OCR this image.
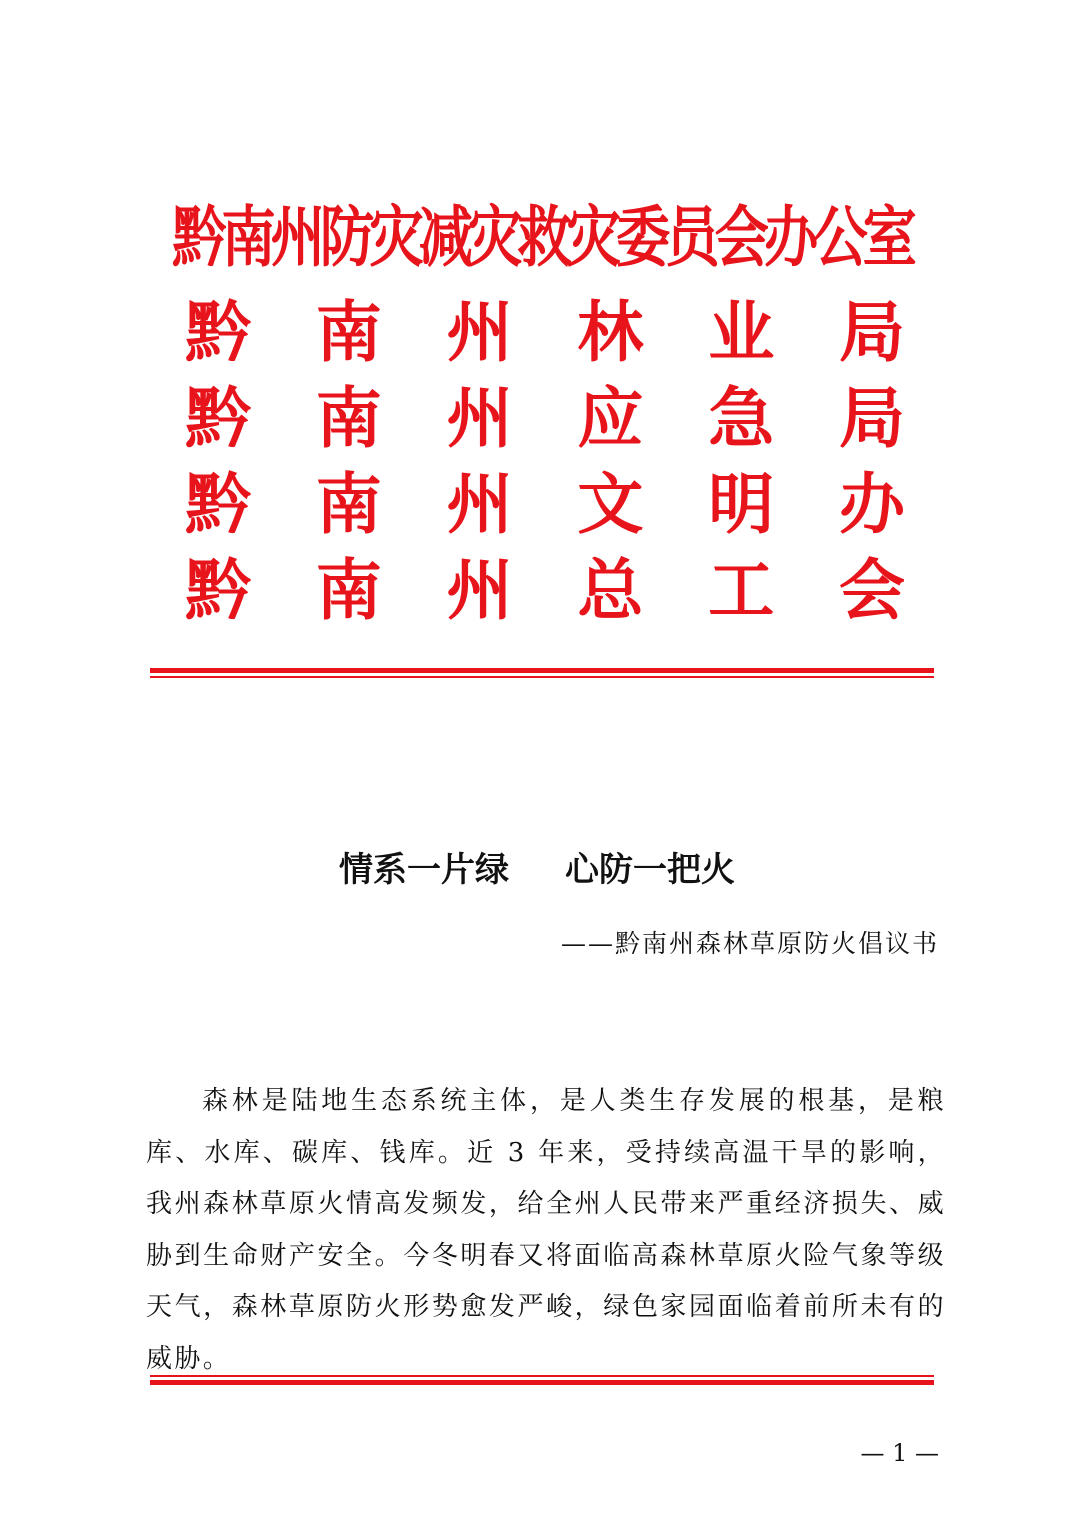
黔南州防灾减灾救灾委员会办公室
黔 南 州 林 业 局
黔 南 州 应 急 局
黔 南 州 文 明 办
黔 南 州 总 工 会
情系一片绿 心防一把火
——黔南州森林草原防火倡议书

森林是陆地生态系统主体，是人类生存发展的根基，是粮库、水库、碳库、钱库。近 3 年来，受持续高温干旱的影响，我州森林草原火情高发频发，给全州人民带来严重经济损失、威胁到生命财产安全。今冬明春又将面临高森林草原火险气象等级天气，森林草原防火形势愈发严峻，绿色家园面临着前所未有的威胁。

— 1 —
